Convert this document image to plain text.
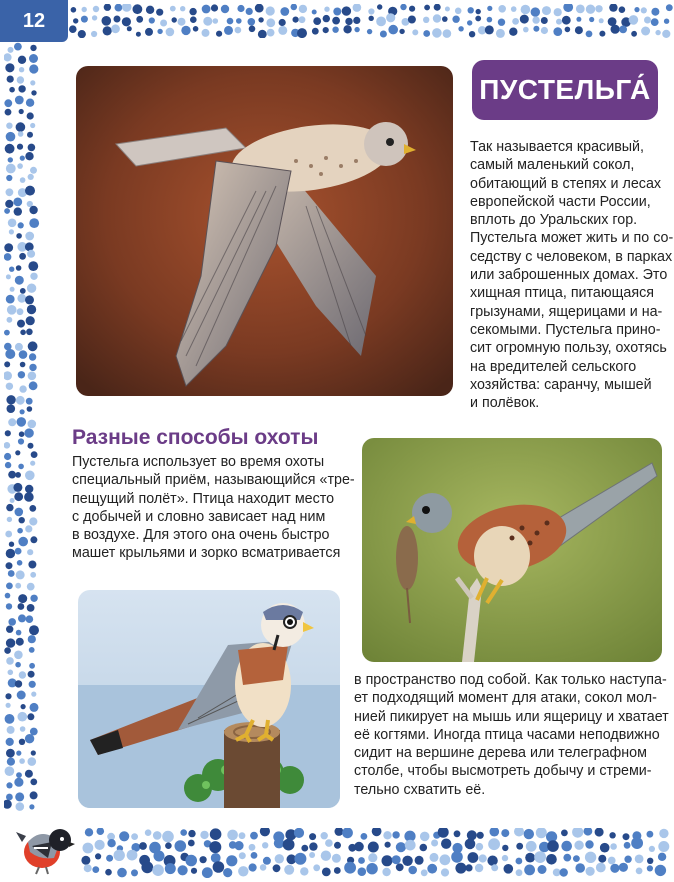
12
ПУСТЕЛЬГА́
Так называется красивый,
самый маленький сокол,
обитающий в степях и лесах
европейской части России,
вплоть до Уральских гор.
Пустельга может жить и по со-
седству с человеком, в парках
или заброшенных домах. Это
хищная птица, питающаяся
грызунами, ящерицами и на-
секомыми. Пустельга прино-
сит огромную пользу, охотясь
на вредителей сельского
хозяйства: саранчу, мышей
и полёвок.
Разные способы охоты
Пустельга использует во время охоты
специальный приём, называющийся «тре-
пещущий полёт». Птица находит место
с добычей и словно зависает над ним
в воздухе. Для этого она очень быстро
машет крыльями и зорко всматривается
в пространство под собой. Как только наступа-
ет подходящий момент для атаки, сокол мол-
нией пикирует на мышь или ящерицу и хватает
её когтями. Иногда птица часами неподвижно
сидит на вершине дерева или телеграфном
столбе, чтобы высмотреть добычу и стреми-
тельно схватить её.
